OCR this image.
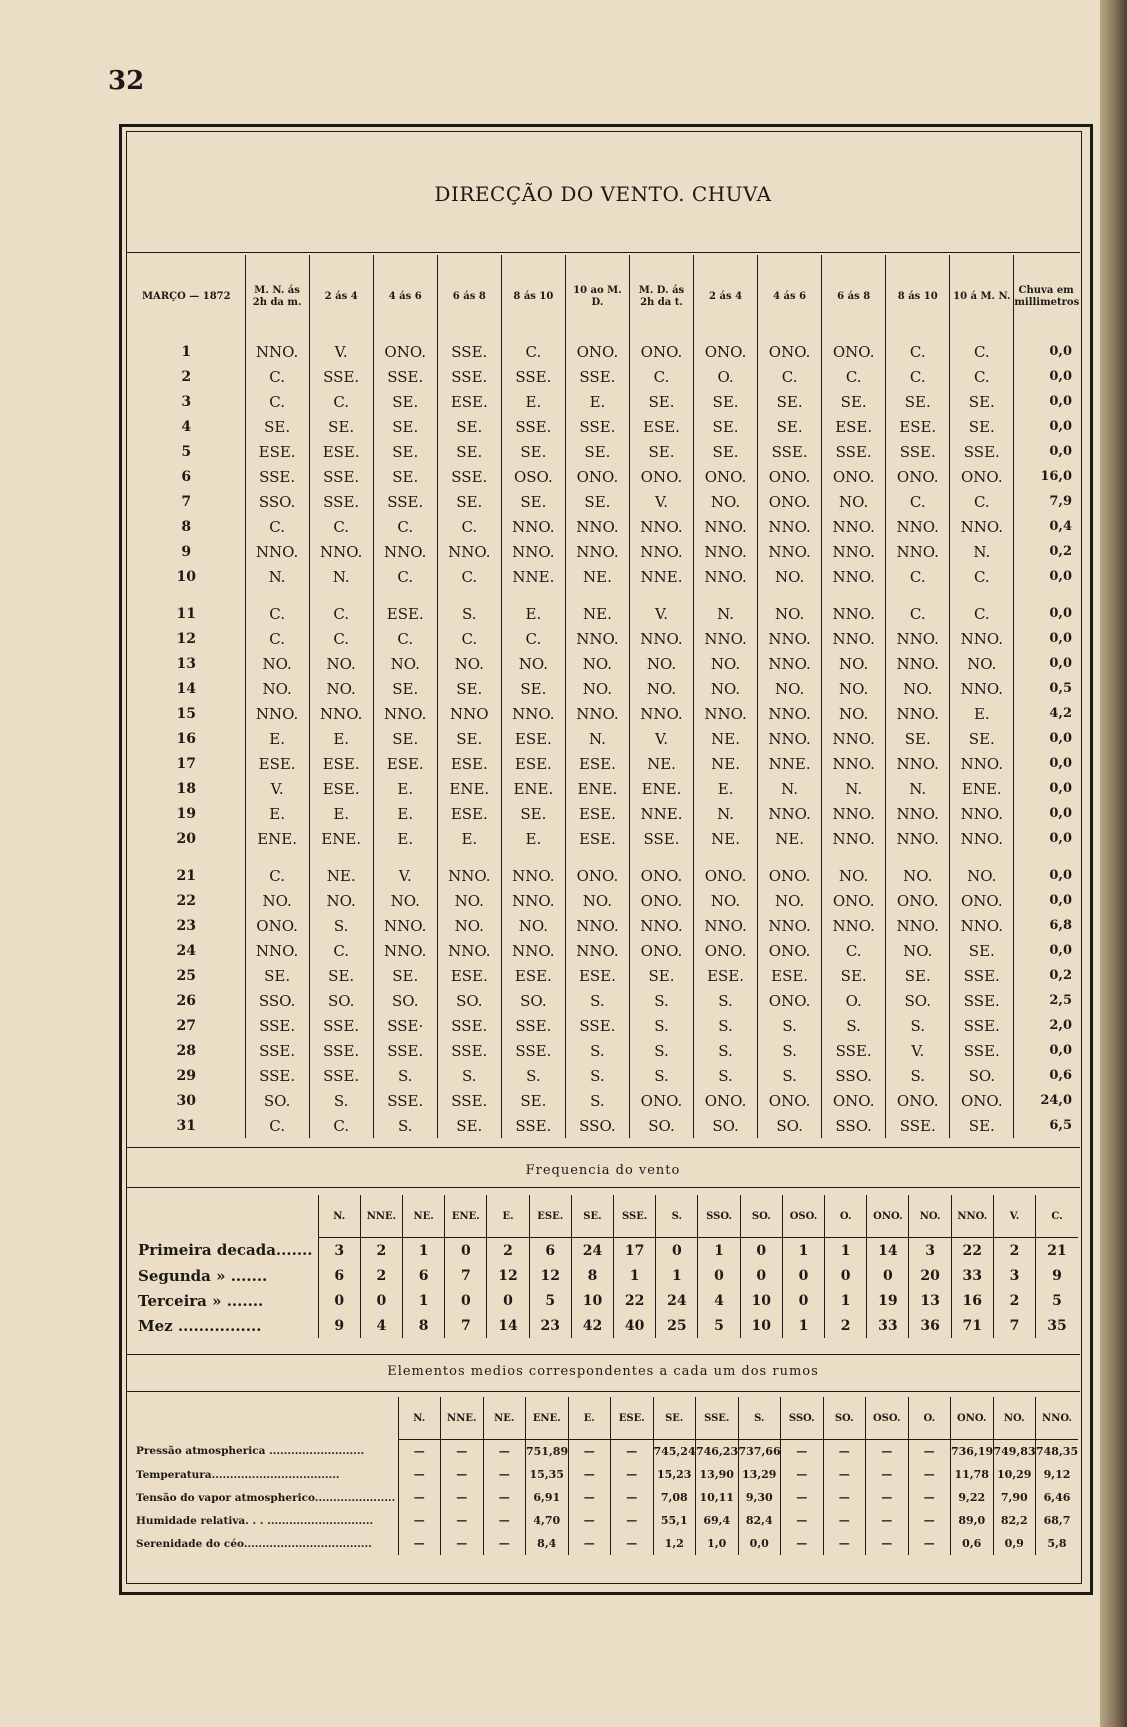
32
DIRECÇÃO DO VENTO. CHUVA
MARÇO — 1872	M. N. ás 2h da m.	2 ás 4	4 ás 6	6 ás 8	8 ás 10	10 ao M. D.	M. D. ás 2h da t.	2 ás 4	4 ás 6	6 ás 8	8 ás 10	10 á M. N.	Chuva em millimetros
1	NNO.	V.	ONO.	SSE.	C.	ONO.	ONO.	ONO.	ONO.	ONO.	C.	C.	0,0
2	C.	SSE.	SSE.	SSE.	SSE.	SSE.	C.	O.	C.	C.	C.	C.	0,0
3	C.	C.	SE.	ESE.	E.	E.	SE.	SE.	SE.	SE.	SE.	SE.	0,0
4	SE.	SE.	SE.	SE.	SSE.	SSE.	ESE.	SE.	SE.	ESE.	ESE.	SE.	0,0
5	ESE.	ESE.	SE.	SE.	SE.	SE.	SE.	SE.	SSE.	SSE.	SSE.	SSE.	0,0
6	SSE.	SSE.	SE.	SSE.	OSO.	ONO.	ONO.	ONO.	ONO.	ONO.	ONO.	ONO.	16,0
7	SSO.	SSE.	SSE.	SE.	SE.	SE.	V.	NO.	ONO.	NO.	C.	C.	7,9
8	C.	C.	C.	C.	NNO.	NNO.	NNO.	NNO.	NNO.	NNO.	NNO.	NNO.	0,4
9	NNO.	NNO.	NNO.	NNO.	NNO.	NNO.	NNO.	NNO.	NNO.	NNO.	NNO.	N.	0,2
10	N.	N.	C.	C.	NNE.	NE.	NNE.	NNO.	NO.	NNO.	C.	C.	0,0
11	C.	C.	ESE.	S.	E.	NE.	V.	N.	NO.	NNO.	C.	C.	0,0
12	C.	C.	C.	C.	C.	NNO.	NNO.	NNO.	NNO.	NNO.	NNO.	NNO.	0,0
13	NO.	NO.	NO.	NO.	NO.	NO.	NO.	NO.	NNO.	NO.	NNO.	NO.	0,0
14	NO.	NO.	SE.	SE.	SE.	NO.	NO.	NO.	NO.	NO.	NO.	NNO.	0,5
15	NNO.	NNO.	NNO.	NNO	NNO.	NNO.	NNO.	NNO.	NNO.	NO.	NNO.	E.	4,2
16	E.	E.	SE.	SE.	ESE.	N.	V.	NE.	NNO.	NNO.	SE.	SE.	0,0
17	ESE.	ESE.	ESE.	ESE.	ESE.	ESE.	NE.	NE.	NNE.	NNO.	NNO.	NNO.	0,0
18	V.	ESE.	E.	ENE.	ENE.	ENE.	ENE.	E.	N.	N.	N.	ENE.	0,0
19	E.	E.	E.	ESE.	SE.	ESE.	NNE.	N.	NNO.	NNO.	NNO.	NNO.	0,0
20	ENE.	ENE.	E.	E.	E.	ESE.	SSE.	NE.	NE.	NNO.	NNO.	NNO.	0,0
21	C.	NE.	V.	NNO.	NNO.	ONO.	ONO.	ONO.	ONO.	NO.	NO.	NO.	0,0
22	NO.	NO.	NO.	NO.	NNO.	NO.	ONO.	NO.	NO.	ONO.	ONO.	ONO.	0,0
23	ONO.	S.	NNO.	NO.	NO.	NNO.	NNO.	NNO.	NNO.	NNO.	NNO.	NNO.	6,8
24	NNO.	C.	NNO.	NNO.	NNO.	NNO.	ONO.	ONO.	ONO.	C.	NO.	SE.	0,0
25	SE.	SE.	SE.	ESE.	ESE.	ESE.	SE.	ESE.	ESE.	SE.	SE.	SSE.	0,2
26	SSO.	SO.	SO.	SO.	SO.	S.	S.	S.	ONO.	O.	SO.	SSE.	2,5
27	SSE.	SSE.	SSE·	SSE.	SSE.	SSE.	S.	S.	S.	S.	S.	SSE.	2,0
28	SSE.	SSE.	SSE.	SSE.	SSE.	S.	S.	S.	S.	SSE.	V.	SSE.	0,0
29	SSE.	SSE.	S.	S.	S.	S.	S.	S.	S.	SSO.	S.	SO.	0,6
30	SO.	S.	SSE.	SSE.	SE.	S.	ONO.	ONO.	ONO.	ONO.	ONO.	ONO.	24,0
31	C.	C.	S.	SE.	SSE.	SSO.	SO.	SO.	SO.	SSO.	SSE.	SE.	6,5
Frequencia do vento
	N.	NNE.	NE.	ENE.	E.	ESE.	SE.	SSE.	S.	SSO.	SO.	OSO.	O.	ONO.	NO.	NNO.	V.	C.
Primeira decada.......	3	2	1	0	2	6	24	17	0	1	0	1	1	14	3	22	2	21
Segunda » .......	6	2	6	7	12	12	8	1	1	0	0	0	0	0	20	33	3	9
Terceira » .......	0	0	1	0	0	5	10	22	24	4	10	0	1	19	13	16	2	5
Mez ................	9	4	8	7	14	23	42	40	25	5	10	1	2	33	36	71	7	35
Elementos medios correspondentes a cada um dos rumos
	N.	NNE.	NE.	ENE.	E.	ESE.	SE.	SSE.	S.	SSO.	SO.	OSO.	O.	ONO.	NO.	NNO.
Pressão atmospherica ..........................	—	—	—	751,89	—	—	745,24	746,23	737,66	—	—	—	—	736,19	749,83	748,35
Temperatura...................................	—	—	—	15,35	—	—	15,23	13,90	13,29	—	—	—	—	11,78	10,29	9,12
Tensão do vapor atmospherico......................	—	—	—	6,91	—	—	7,08	10,11	9,30	—	—	—	—	9,22	7,90	6,46
Humidade relativa. . . .............................	—	—	—	4,70	—	—	55,1	69,4	82,4	—	—	—	—	89,0	82,2	68,7
Serenidade do céo...................................	—	—	—	8,4	—	—	1,2	1,0	0,0	—	—	—	—	0,6	0,9	5,8
